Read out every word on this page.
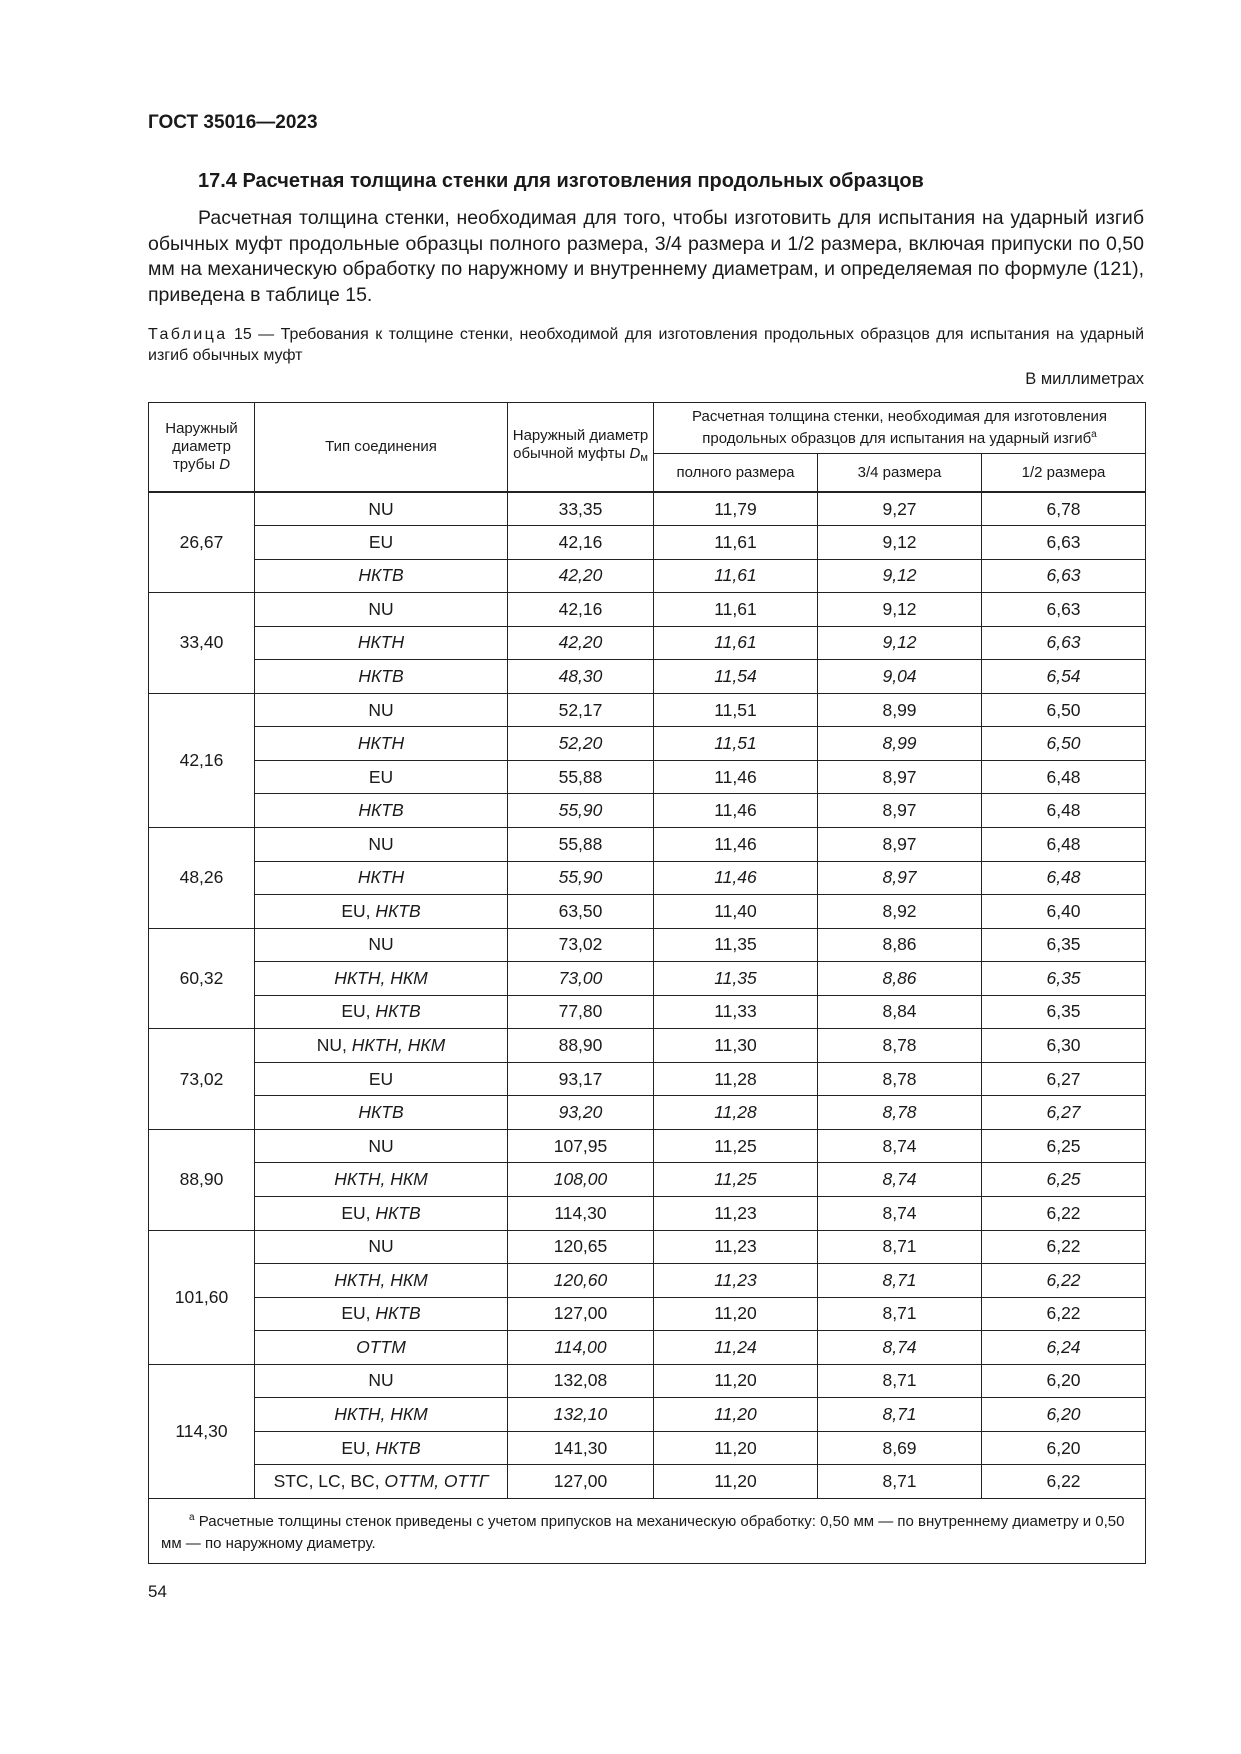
ГОСТ 35016—2023
17.4 Расчетная толщина стенки для изготовления продольных образцов
Расчетная толщина стенки, необходимая для того, чтобы изготовить для испытания на ударный изгиб обычных муфт продольные образцы полного размера, 3/4 размера и 1/2 размера, включая припуски по 0,50 мм на механическую обработку по наружному и внутреннему диаметрам, и определяемая по формуле (121), приведена в таблице 15.
Таблица 15 — Требования к толщине стенки, необходимой для изготовления продольных образцов для испытания на ударный изгиб обычных муфт
В миллиметрах
Наружный диаметр трубы D	Тип соединения	Наружный диаметр обычной муфты $D_м$	Расчетная толщина стенки, необходимая для изготовления продольных образцов для испытания на ударный изгиб$^a$
			полного размера	3/4 размера	1/2 размера
26,67	NU	33,35	11,79	9,27	6,78
	EU	42,16	11,61	9,12	6,63
	НКТВ	42,20	11,61	9,12	6,63
33,40	NU	42,16	11,61	9,12	6,63
	НКТН	42,20	11,61	9,12	6,63
	НКТВ	48,30	11,54	9,04	6,54
42,16	NU	52,17	11,51	8,99	6,50
	НКТН	52,20	11,51	8,99	6,50
	EU	55,88	11,46	8,97	6,48
	НКТВ	55,90	11,46	8,97	6,48
48,26	NU	55,88	11,46	8,97	6,48
	НКТН	55,90	11,46	8,97	6,48
	EU, НКТВ	63,50	11,40	8,92	6,40
60,32	NU	73,02	11,35	8,86	6,35
	НКТН, НКМ	73,00	11,35	8,86	6,35
	EU, НКТВ	77,80	11,33	8,84	6,35
73,02	NU, НКТН, НКМ	88,90	11,30	8,78	6,30
	EU	93,17	11,28	8,78	6,27
	НКТВ	93,20	11,28	8,78	6,27
88,90	NU	107,95	11,25	8,74	6,25
	НКТН, НКМ	108,00	11,25	8,74	6,25
	EU, НКТВ	114,30	11,23	8,74	6,22
101,60	NU	120,65	11,23	8,71	6,22
	НКТН, НКМ	120,60	11,23	8,71	6,22
	EU, НКТВ	127,00	11,20	8,71	6,22
	ОТТМ	114,00	11,24	8,74	6,24
114,30	NU	132,08	11,20	8,71	6,20
	НКТН, НКМ	132,10	11,20	8,71	6,20
	EU, НКТВ	141,30	11,20	8,69	6,20
	STC, LC, BC, ОТТМ, ОТТГ	127,00	11,20	8,71	6,22

$^a$ Расчетные толщины стенок приведены с учетом припусков на механическую обработку: 0,50 мм — по внутреннему диаметру и 0,50 мм — по наружному диаметру.					
54
